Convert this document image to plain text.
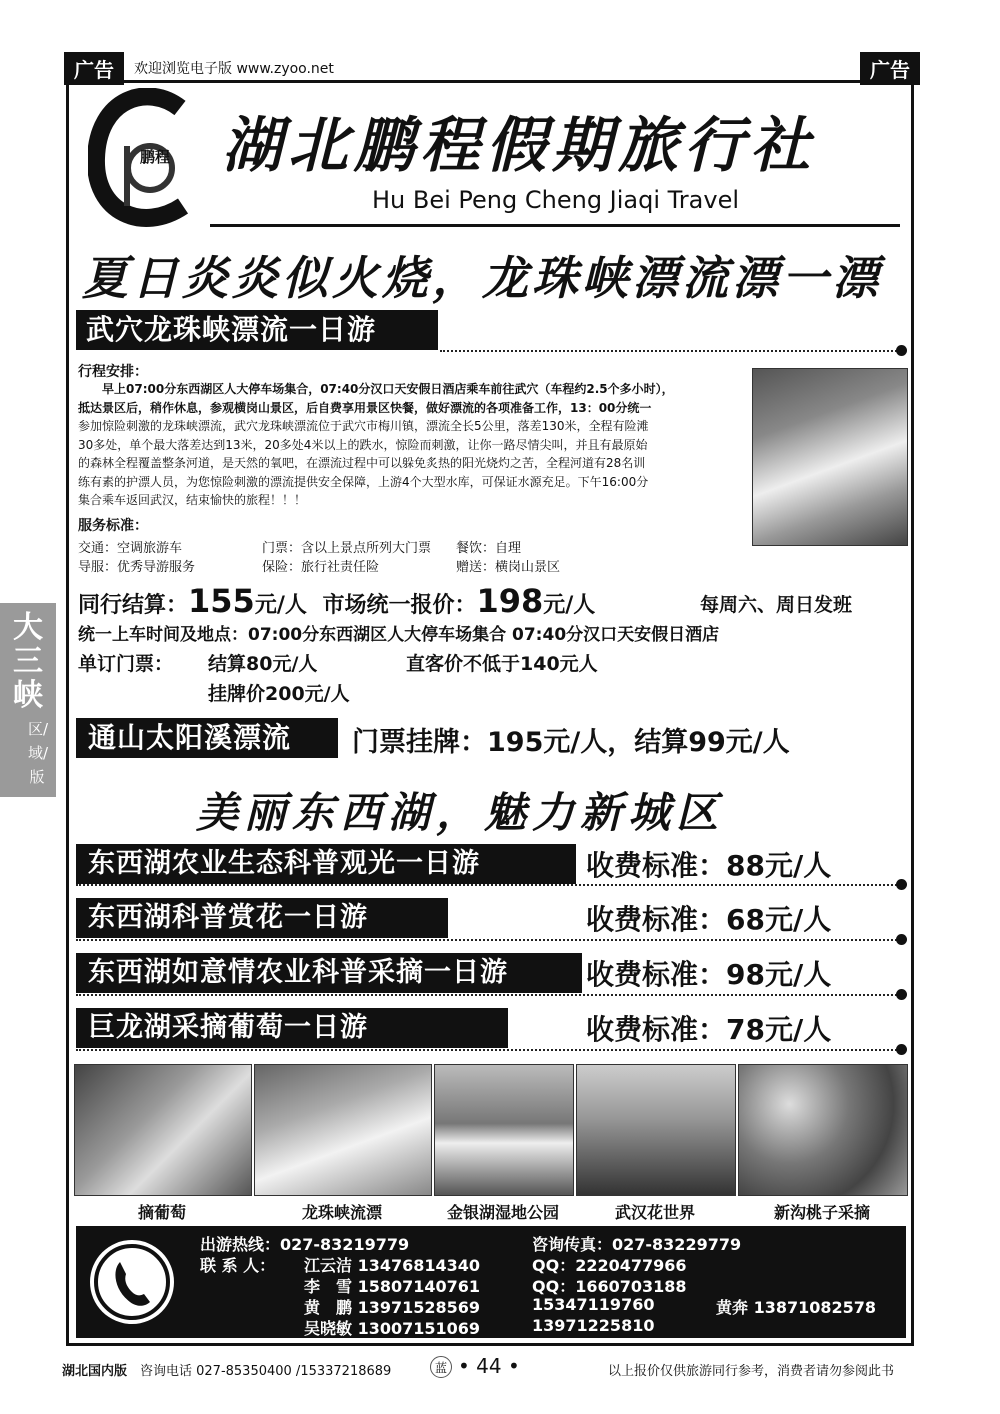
广告	欢迎浏览电子版 www.zyoo.net	广告
鹏程 湖北鹏程假期旅行社
Hu Bei Peng Cheng Jiaqi Travel
夏日炎炎似火烧，龙珠峡漂流漂一漂
武穴龙珠峡漂流一日游
行程安排：
早上07:00分东西湖区人大停车场集合，07:40分汉口天安假日酒店乘车前往武穴（车程约2.5个多小时），
抵达景区后，稍作休息，参观横岗山景区，后自费享用景区快餐，做好漂流的各项准备工作，13：00分统一
参加惊险刺激的龙珠峡漂流，武穴龙珠峡漂流位于武穴市梅川镇，漂流全长5公里，落差130米，全程有险滩
30多处，单个最大落差达到13米，20多处4米以上的跌水，惊险而刺激，让你一路尽情尖叫，并且有最原始
的森林全程覆盖整条河道，是天然的氧吧，在漂流过程中可以躲免炙热的阳光烧灼之苦，全程河道有28名训
练有素的护漂人员，为您惊险刺激的漂流提供安全保障，上游4个大型水库，可保证水源充足。下午16:00分
集合乘车返回武汉，结束愉快的旅程！！！
服务标准：
交通：空调旅游车	门票：含以上景点所列大门票 餐饮：自理
导服：优秀导游服务	保险：旅行社责任险	赠送：横岗山景区
同行结算：155元/人 市场统一报价：198元/人	每周六、周日发班
统一上车时间及地点：07:00分东西湖区人大停车场集合 07:40分汉口天安假日酒店
单订门票： 结算80元/人	直客价不低于140元人
挂牌价200元/人
通山太阳溪漂流	门票挂牌：195元/人，结算99元/人
美丽东西湖，魅力新城区
东西湖农业生态科普观光一日游	收费标准：88元/人
东西湖科普赏花一日游	收费标准：68元/人
东西湖如意情农业科普采摘一日游	收费标准：98元/人
巨龙湖采摘葡萄一日游	收费标准：78元/人
摘葡萄	龙珠峡流漂	金银湖湿地公园	武汉花世界	新沟桃子采摘
出游热线：027-83219779	咨询传真：027-83229779
联 系 人： 江云洁 13476814340
李　雪 15807140761
黄　鹏 13971528569
吴晓敏 13007151069
QQ：2220477966
QQ：1660703188
15347119760
13971225810
黄奔 13871082578
大三峡
区/域/版
湖北国内版 咨询电话 027-85350400 /15337218689	蓝 • 44 •	以上报价仅供旅游同行参考，消费者请勿参阅此书
